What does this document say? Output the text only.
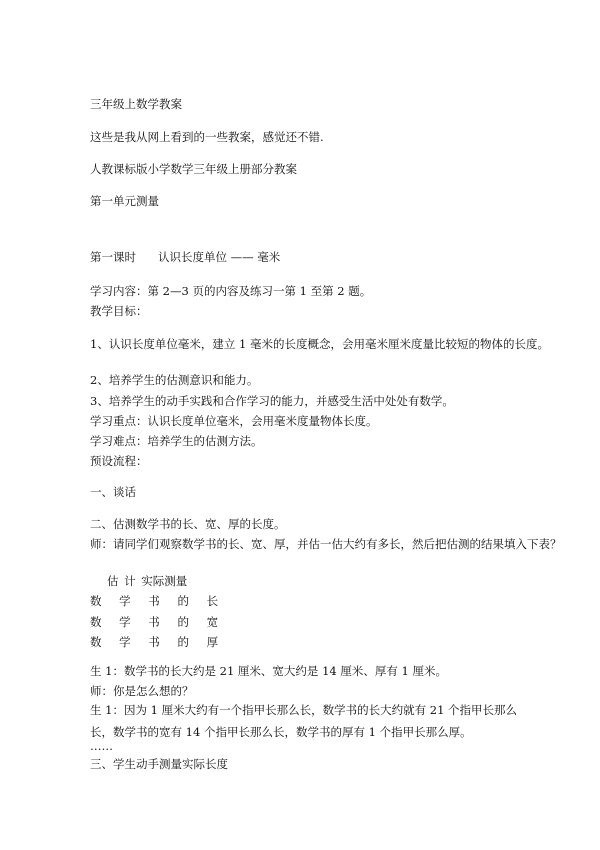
三年级上数学教案
这些是我从网上看到的一些教案，感觉还不错.
人教课标版小学数学三年级上册部分教案
第一单元测量
第一课时 认识长度单位 —— 毫米
学习内容：第 2—3 页的内容及练习一第 1 至第 2 题。
教学目标：
1、认识长度单位毫米，建立 1 毫米的长度概念，会用毫米厘米度量比较短的物体的长度。
2、培养学生的估测意识和能力。
3、培养学生的动手实践和合作学习的能力，并感受生活中处处有数学。
学习重点：认识长度单位毫米，会用毫米度量物体长度。
学习难点：培养学生的估测方法。
预设流程：
一、谈话
二、估测数学书的长、宽、厚的长度。
师：请同学们观察数学书的长、宽、厚，并估一估大约有多长，然后把估测的结果填入下表？
估 计 实际测量
数 学 书 的 长
数 学 书 的 宽
数 学 书 的 厚
生 1：数学书的长大约是 21 厘米、宽大约是 14 厘米、厚有 1 厘米。
师：你是怎么想的？
生 1：因为 1 厘米大约有一个指甲长那么长，数学书的长大约就有 21 个指甲长那么长，数学书的宽有 14 个指甲长那么长，数学书的厚有 1 个指甲长那么厚。
……
三、学生动手测量实际长度
